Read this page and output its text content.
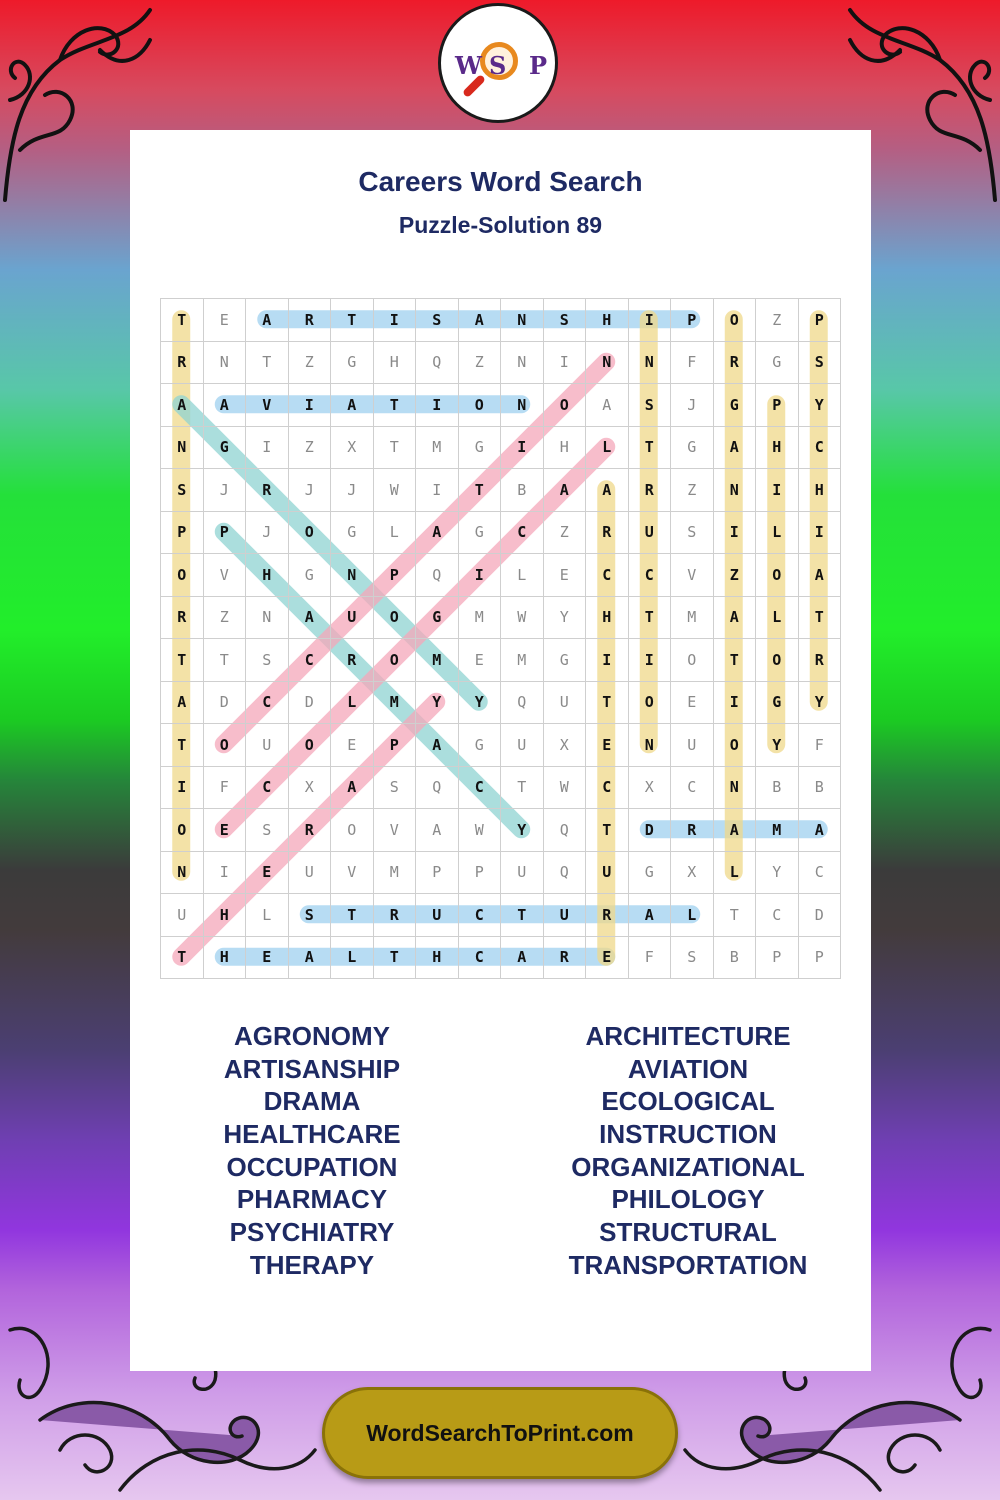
W S P
Careers Word Search
Puzzle-Solution 89
T	E	A	R	T	I	S	A	N	S	H	I	P	O	Z	P
R	N	T	Z	G	H	Q	Z	N	I	N	N	F	R	G	S
A	A	V	I	A	T	I	O	N	O	A	S	J	G	P	Y
N	G	I	Z	X	T	M	G	I	H	L	T	G	A	H	C
S	J	R	J	J	W	I	T	B	A	A	R	Z	N	I	H
P	P	J	O	G	L	A	G	C	Z	R	U	S	I	L	I
O	V	H	G	N	P	Q	I	L	E	C	C	V	Z	O	A
R	Z	N	A	U	O	G	M	W	Y	H	T	M	A	L	T
T	T	S	C	R	O	M	E	M	G	I	I	O	T	O	R
A	D	C	D	L	M	Y	Y	Q	U	T	O	E	I	G	Y
T	O	U	O	E	P	A	G	U	X	E	N	U	O	Y	F
I	F	C	X	A	S	Q	C	T	W	C	X	C	N	B	B
O	E	S	R	O	V	A	W	Y	Q	T	D	R	A	M	A
N	I	E	U	V	M	P	P	U	Q	U	G	X	L	Y	C
U	H	L	S	T	R	U	C	T	U	R	A	L	T	C	D
T	H	E	A	L	T	H	C	A	R	E	F	S	B	P	P
AGRONOMY
ARTISANSHIP
DRAMA
HEALTHCARE
OCCUPATION
PHARMACY
PSYCHIATRY
THERAPY
ARCHITECTURE
AVIATION
ECOLOGICAL
INSTRUCTION
ORGANIZATIONAL
PHILOLOGY
STRUCTURAL
TRANSPORTATION
WordSearchToPrint.com
